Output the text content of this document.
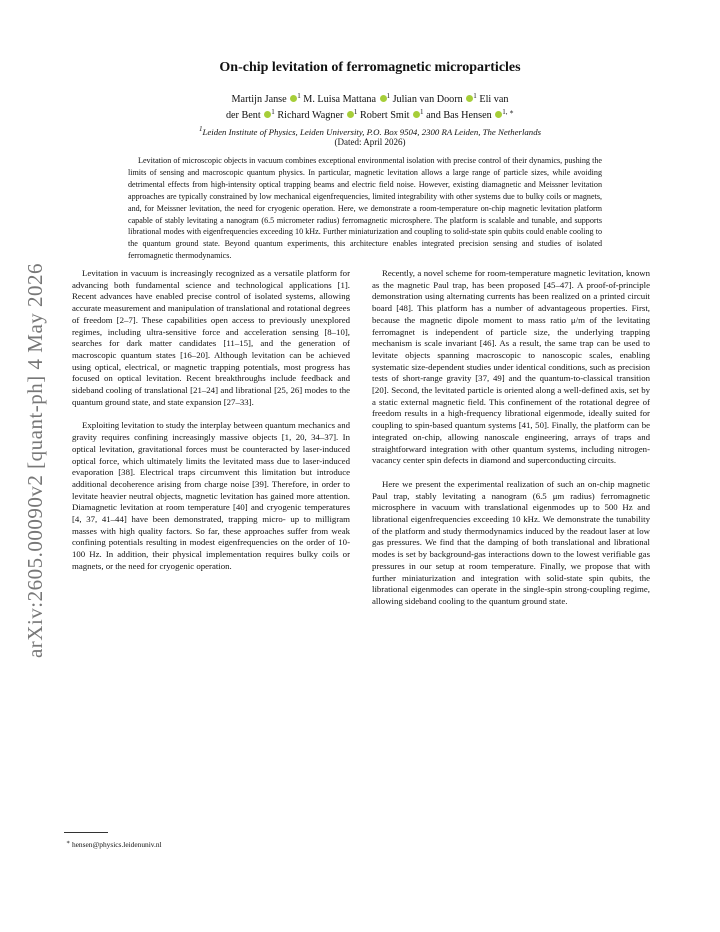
arXiv:2605.00090v2 [quant-ph] 4 May 2026
On-chip levitation of ferromagnetic microparticles
Martijn Janse $^1$ M. Luisa Mattana $^1$ Julian van Doorn $^1$ Eli van
der Bent $^1$ Richard Wagner $^1$ Robert Smit $^1$ and Bas Hensen $^{1, ∗}$
$^1$Leiden Institute of Physics, Leiden University, P.O. Box 9504, 2300 RA Leiden, The Netherlands
(Dated: April 2026)
Levitation of microscopic objects in vacuum combines exceptional environmental isolation with precise control of their dynamics, pushing the limits of sensing and macroscopic quantum physics. In particular, magnetic levitation allows a large range of particle sizes, while avoiding detrimental effects from high-intensity optical trapping beams and electric field noise. However, existing diamagnetic and Meissner levitation approaches are typically constrained by low mechanical eigenfrequencies, limited integrability with other systems due to bulky coils or magnets, and, for Meissner levitation, the need for cryogenic operation. Here, we demonstrate a room-temperature on-chip magnetic levitation platform capable of stably levitating a nanogram (6.5 micrometer radius) ferromagnetic microsphere. The platform is scalable and tunable, and supports librational modes with eigenfrequencies exceeding 10 kHz. Further miniaturization and coupling to solid-state spin qubits could enable cooling to the quantum ground state. Beyond quantum experiments, this architecture enables integrated precision sensing and studies of isolated ferromagnetic thermodynamics.

Levitation in vacuum is increasingly recognized as a versatile platform for advancing both fundamental science and technological applications [1]. Recent advances have enabled precise control of isolated systems, allowing accurate measurement and manipulation of translational and rotational degrees of freedom [2–7]. These capabilities open access to previously unexplored regimes, including ultra-sensitive force and acceleration sensing [8–10], searches for dark matter candidates [11–15], and the generation of macroscopic quantum states [16–20]. Although levitation can be achieved using optical, electrical, or magnetic trapping potentials, most progress has focused on optical levitation. Recent breakthroughs include feedback and sideband cooling of translational [21–24] and librational [25, 26] modes to the quantum ground state, and state expansion [27–33].

Exploiting levitation to study the interplay between quantum mechanics and gravity requires confining increasingly massive objects [1, 20, 34–37]. In optical levitation, gravitational forces must be counteracted by laser-induced optical force, which ultimately limits the levitated mass due to laser-induced evaporation [38]. Electrical traps circumvent this limitation but introduce additional decoherence arising from charge noise [39]. Therefore, in order to levitate heavier neutral objects, magnetic levitation has gained more attention. Diamagnetic levitation at room temperature [40] and cryogenic temperatures [4, 37, 41–44] have been demonstrated, trapping micro- up to milligram masses with high quality factors. So far, these approaches suffer from weak confining potentials resulting in modest eigenfrequencies on the order of 10-100 Hz. In addition, their physical implementation requires bulky coils or magnets, or the need for cryogenic operation.

Recently, a novel scheme for room-temperature magnetic levitation, known as the magnetic Paul trap, has been proposed [45–47]. A proof-of-principle demonstration using alternating currents has been realized on a printed circuit board [48]. This platform has a number of advantageous properties. First, because the magnetic dipole moment to mass ratio μ/m of the levitating ferromagnet is independent of particle size, the underlying trapping mechanism is scale invariant [46]. As a result, the same trap can be used to levitate objects spanning macroscopic to nanoscopic scales, enabling systematic size-dependent studies under identical conditions, such as precision tests of short-range gravity [37, 49] and the quantum-to-classical transition [20]. Second, the levitated particle is oriented along a well-defined axis, set by a static external magnetic field. This confinement of the rotational degree of freedom results in a high-frequency librational eigenmode, ideally suited for coupling to spin-based quantum systems [41, 50]. Finally, the platform can be integrated on-chip, allowing nanoscale engineering, arrays of traps and straightforward integration with other quantum systems, including nitrogen-vacancy center spin defects in diamond and superconducting circuits.

Here we present the experimental realization of such an on-chip magnetic Paul trap, stably levitating a nanogram (6.5 μm radius) ferromagnetic microsphere in vacuum with translational eigenmodes up to 500 Hz and librational eigenfrequencies exceeding 10 kHz. We demonstrate the tunability of the platform and study thermodynamics induced by the readout laser at low gas pressures. We find that the damping of both translational and librational modes is set by background-gas interactions down to the lowest verifiable gas pressures in our setup at room temperature. Finally, we propose that with further miniaturization and integration with solid-state spin qubits, the librational eigenmodes can operate in the single-spin strong-coupling regime, allowing sideband cooling to the quantum ground state.

∗ hensen@physics.leidenuniv.nl
